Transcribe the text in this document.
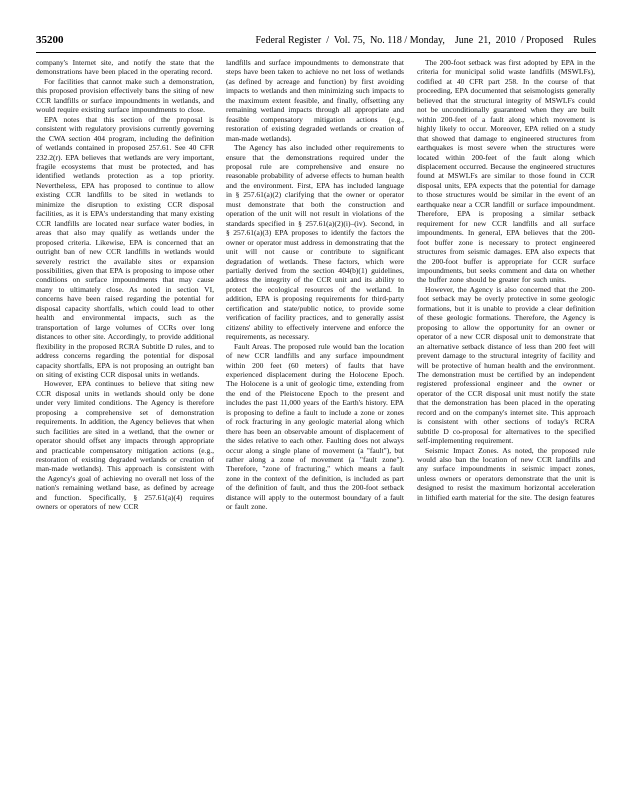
35200	Federal Register  /  Vol. 75,  No. 118 / Monday,    June  21,  2010  / Proposed    Rules

company's Internet site, and notify the state that the demonstrations have been placed in the operating record.

For facilities that cannot make such a demonstration, this proposed provision effectively bans the siting of new CCR landfills or surface impoundments in wetlands, and would require existing surface impoundments to close.

EPA notes that this section of the proposal is consistent with regulatory provisions currently governing the CWA section 404 program, including the definition of wetlands contained in proposed 257.61. See 40 CFR 232.2(r). EPA believes that wetlands are very important, fragile ecosystems that must be protected, and has identified wetlands protection as a top priority. Nevertheless, EPA has proposed to continue to allow existing CCR landfills to be sited in wetlands to minimize the disruption to existing CCR disposal facilities, as it is EPA's understanding that many existing CCR landfills are located near surface water bodies, in areas that also may qualify as wetlands under the proposed criteria. Likewise, EPA is concerned that an outright ban of new CCR landfills in wetlands would severely restrict the available sites or expansion possibilities, given that EPA is proposing to impose other conditions on surface impoundments that may cause many to ultimately close. As noted in section VI, concerns have been raised regarding the potential for disposal capacity shortfalls, which could lead to other health and environmental impacts, such as the transportation of large volumes of CCRs over long distances to other site. Accordingly, to provide additional flexibility in the proposed RCRA Subtitle D rules, and to address concerns regarding the potential for disposal capacity shortfalls, EPA is not proposing an outright ban on siting of existing CCR disposal units in wetlands.

However, EPA continues to believe that siting new CCR disposal units in wetlands should only be done under very limited conditions. The Agency is therefore proposing a comprehensive set of demonstration requirements. In addition, the Agency believes that when such facilities are sited in a wetland, that the owner or operator should offset any impacts through appropriate and practicable compensatory mitigation actions (e.g., restoration of existing degraded wetlands or creation of man-made wetlands). This approach is consistent with the Agency's goal of achieving no overall net loss of the nation's remaining wetland base, as defined by acreage and function. Specifically, § 257.61(a)(4) requires owners or operators of new CCR

landfills and surface impoundments to demonstrate that steps have been taken to achieve no net loss of wetlands (as defined by acreage and function) by first avoiding impacts to wetlands and then minimizing such impacts to the maximum extent feasible, and finally, offsetting any remaining wetland impacts through all appropriate and feasible compensatory mitigation actions (e.g., restoration of existing degraded wetlands or creation of man-made wetlands).

The Agency has also included other requirements to ensure that the demonstrations required under the proposal rule are comprehensive and ensure no reasonable probability of adverse effects to human health and the environment. First, EPA has included language in § 257.61(a)(2) clarifying that the owner or operator must demonstrate that both the construction and operation of the unit will not result in violations of the standards specified in § 257.61(a)(2)(i)–(iv). Second, in § 257.61(a)(3) EPA proposes to identify the factors the owner or operator must address in demonstrating that the unit will not cause or contribute to significant degradation of wetlands. These factors, which were partially derived from the section 404(b)(1) guidelines, address the integrity of the CCR unit and its ability to protect the ecological resources of the wetland. In addition, EPA is proposing requirements for third-party certification and state/public notice, to provide some verification of facility practices, and to generally assist citizens' ability to effectively intervene and enforce the requirements, as necessary.

Fault Areas. The proposed rule would ban the location of new CCR landfills and any surface impoundment within 200 feet (60 meters) of faults that have experienced displacement during the Holocene Epoch. The Holocene is a unit of geologic time, extending from the end of the Pleistocene Epoch to the present and includes the past 11,000 years of the Earth's history. EPA is proposing to define a fault to include a zone or zones of rock fracturing in any geologic material along which there has been an observable amount of displacement of the sides relative to each other. Faulting does not always occur along a single plane of movement (a "fault"), but rather along a zone of movement (a "fault zone"). Therefore, "zone of fracturing," which means a fault zone in the context of the definition, is included as part of the definition of fault, and thus the 200-foot setback distance will apply to the outermost boundary of a fault or fault zone.

The 200-foot setback was first adopted by EPA in the criteria for municipal solid waste landfills (MSWLFs), codified at 40 CFR part 258. In the course of that proceeding, EPA documented that seismologists generally believed that the structural integrity of MSWLFs could not be unconditionally guaranteed when they are built within 200-feet of a fault along which movement is highly likely to occur. Moreover, EPA relied on a study that showed that damage to engineered structures from earthquakes is most severe when the structures were located within 200-feet of the fault along which displacement occurred. Because the engineered structures found at MSWLFs are similar to those found in CCR disposal units, EPA expects that the potential for damage to those structures would be similar in the event of an earthquake near a CCR landfill or surface impoundment. Therefore, EPA is proposing a similar setback requirement for new CCR landfills and all surface impoundments. In general, EPA believes that the 200-foot buffer zone is necessary to protect engineered structures from seismic damages. EPA also expects that the 200-foot buffer is appropriate for CCR surface impoundments, but seeks comment and data on whether the buffer zone should be greater for such units.

However, the Agency is also concerned that the 200-foot setback may be overly protective in some geologic formations, but it is unable to provide a clear definition of these geologic formations. Therefore, the Agency is proposing to allow the opportunity for an owner or operator of a new CCR disposal unit to demonstrate that an alternative setback distance of less than 200 feet will prevent damage to the structural integrity of facility and will be protective of human health and the environment. The demonstration must be certified by an independent registered professional engineer and the owner or operator of the CCR disposal unit must notify the state that the demonstration has been placed in the operating record and on the company's internet site. This approach is consistent with other sections of today's RCRA subtitle D co-proposal for alternatives to the specified self-implementing requirement.

Seismic Impact Zones. As noted, the proposed rule would also ban the location of new CCR landfills and any surface impoundments in seismic impact zones, unless owners or operators demonstrate that the unit is designed to resist the maximum horizontal acceleration in lithified earth material for the site. The design features
